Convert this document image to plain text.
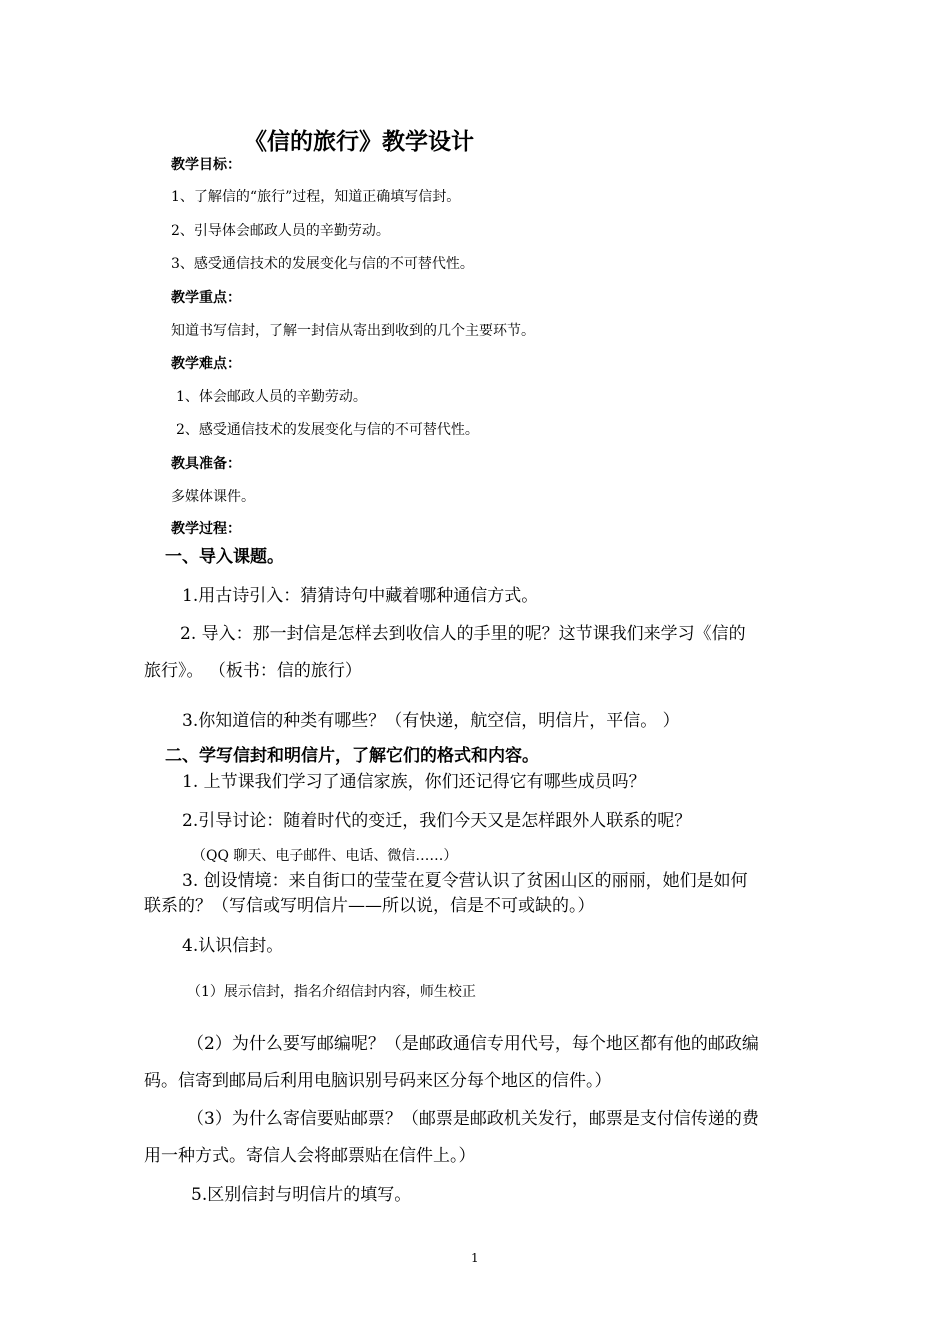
《信的旅行》教学设计
教学目标：
1、了解信的“旅行”过程，知道正确填写信封。
2、引导体会邮政人员的辛勤劳动。
3、感受通信技术的发展变化与信的不可替代性。
教学重点：
知道书写信封，了解一封信从寄出到收到的几个主要环节。
教学难点：
1、体会邮政人员的辛勤劳动。
2、感受通信技术的发展变化与信的不可替代性。
教具准备：
多媒体课件。
教学过程：
一、导入课题。
1.用古诗引入：猜猜诗句中藏着哪种通信方式。
2. 导入：那一封信是怎样去到收信人的手里的呢？这节课我们来学习《信的
旅行》。 （板书：信的旅行）
3.你知道信的种类有哪些？（有快递，航空信，明信片，平信。 ）
二、学写信封和明信片，了解它们的格式和内容。
1. 上节课我们学习了通信家族，你们还记得它有哪些成员吗？
2.引导讨论：随着时代的变迁，我们今天又是怎样跟外人联系的呢？
（QQ 聊天、电子邮件、电话、微信……）
3. 创设情境：来自街口的莹莹在夏令营认识了贫困山区的丽丽，她们是如何
联系的？（写信或写明信片——所以说，信是不可或缺的。）
4.认识信封。
（1）展示信封，指名介绍信封内容，师生校正
（2）为什么要写邮编呢？（是邮政通信专用代号，每个地区都有他的邮政编
码。信寄到邮局后利用电脑识别号码来区分每个地区的信件。）
（3）为什么寄信要贴邮票？（邮票是邮政机关发行，邮票是支付信传递的费
用一种方式。寄信人会将邮票贴在信件上。）
5.区别信封与明信片的填写。
1
